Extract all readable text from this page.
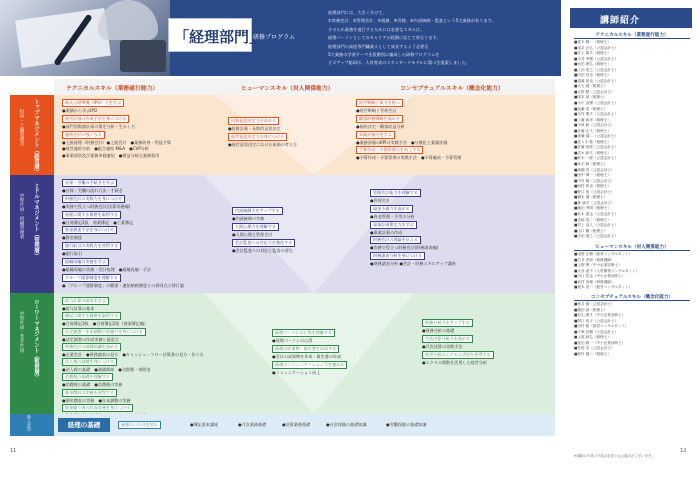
経理部門には、大きく分けて、
①財務会計、②管理会計、③税務、④労務、⑤内部統制・監査という5大業務があります。
そのため業務を遂行するためには必要なスキルは、
経理パーソンとしてのキャリアの段階に応じて異なります。
経理部門の高度専門職業人として成長するよう必要な
5大業務の学習テーマを段階別に編成した研修プログラムを
ビズアップ総研は、人材育成のスタンダードモデルに築づき提案しました。
「経理部門」
研修プログラム
テクニカルスキル（業務遂行能力）	ヒューマンスキル（対人関係能力）	コンセプチュアルスキル（概念化能力）
トップマネジメント（経営層）
役員・上級管理者
ミドルマネジメント（管理層）
中堅社員・初級管理者
ローワーマネジメント（監督層）
中堅社員・若手社員
株式公開準備（IPO）力を学ぶ
●業績から学ぶIPO
経営計画の作成手法を身につける
●部門別数値計画の策定分析・生かし方
連結会計に強くなる
●上級経理（財務会計）●上級会計　●業務改善・利益予算
●経営連結分析　●組合連結 M&A　●CVP分析
●事業部別及び業務単価連結　●損益分岐点業務効用
投資意思決定力を高める
●投資計画・長期的意思決定
経営意思決定力を身につける
●経営意思決定における原価の考え方
経営戦略立案力を持つ
●経営戦略と管理会計
顧客財務戦略を高める
●価格決定・顧客収益分析
事業評価力を学ぶ
●業務評価のKPIの実践手法　●分散化と業績評価
予算作成・予算管理力を向上する
●予算作成・予算管理の実践手法　●予算編成・予算管理
社保・労働の手続きを学ぶ
●社保・労働の流れ方法・手続き
財務会計の実践力を身につける
●実務で役立つ財務会計(決算実務編)
経理に関する資格を取得する
●日商簿記2級　商業簿記　●工業簿記
資金調達手法を身につける
●資金調達
銀行取引の実践力を習得する
●銀行取引
組織再編の実務を学ぶ
●組織再編の実務・会計処理　●組織再編・手法
グループ通算制度を理解する
●「グループ通算制度」の概要・連結納税制度との異同点と移行論
内部統制力をアップする
●内部統制の実務
人間心理力を理解する
●人間心理と管理会計
会計監査への対応力を強化する
●会計監査への対応と監査の要点
管理会計能力を理解する
●管理会計
現金予測力を高める
●資金管理・予実の分析
事業計画策定力を学ぶ
●事業計画の作成
財務会計の理論を伝える
●実務で役立つ財務会計(財務諸表編)
財務諸表分析を身につける
●財務諸表分析 ●会計・財務スキルアップ講座
給与計算の基本を学ぶ
●給与計算の基本
簿記に関する資格を取得する
●日商簿記3級　●日商簿記2級（商業簿記編）
法定調書・年末調整の実務力を身につける
●法定調書の作成実務と留意点
財務会計の基礎知識を深める
●企業会計　●財務諸表の見方　●キャッシュ・フロー計算書の見方・作り方
法人税の基礎を身につける
●法人税の基礎　●減価償却　●交際費・寄附金
消費税の基礎を理解する
●消費税の基礎　●消費税の実務
源泉徴収の実務を習得する
●源泉徴収の実務　●年末調整の実務
資金繰り表の作成実務を身につける
経理パーソンの心得を理解する
●経理パーソンの心得
経理の成果物・報告書を作成する
●会社の成果物を作成・報告書の作成
経理のコミュニケーション力を強める
●コミュニケーション向上
財務分析力をアップする
●財務分析の基礎
月次決算分析力を高める
●月次決算の実践手法
経営分析のエクセル活用を習得する
●エクセル関数を活用した経営分析
新入社員	経理の基礎	経理のいろはを知る	●簿記基本講座	●月次業務基礎	●決算業務基礎	●社会保険の基礎知識	●労働保険の基礎知識
11	12
講師紹介
テクニカルスキル（業務遂行能力）
■青木 賢一（税理士）
■浅井 正弘（公認会計士）
■井上 隆夫（税理士）
■今井 秀樹（公認会計士）
■岩田 康弘（税理士）
■上田 浩之（公認会計士）
■内田 昌也（税理士）
■遠藤 拓也（公認会計士）
■大石 健（税理士）
■大野 勝（公認会計士）
■岡本 誠（税理士）
■小川 直樹（公認会計士）
■加藤 浩（税理士）
■木村 俊夫（公認会計士）
■工藤 和彦（税理士）
■小林 聡（公認会計士）
■近藤 正人（税理士）
■斎藤 健二（公認会計士）
■佐々木 勉（税理士）
■佐藤 拓郎（公認会計士）
■清水 和夫（税理士）
■鈴木 一郎（公認会計士）
■高木 修（税理士）
■高橋 亮（公認会計士）
■田中 伸一（税理士）
■中村 隆（公認会計士）
■西村 和也（税理士）
■野口 悟（公認会計士）
■橋本 健（税理士）
■林 誠司（公認会計士）
■藤田 秀明（税理士）
■松本 達也（公認会計士）
■宮崎 浩二（税理士）
■村上 直人（公認会計士）
■山口 剛（税理士）
■吉田 康之（公認会計士）
ヒューマンスキル（対人関係能力）
■浅野 正樹（経営コンサルタント）
■石井 美和（研修講師）
■上野 博（中小企業診断士）
■大谷 恵子（人材開発コンサルタント）
■川口 智也（中小企業診断士）
■北村 真理（研修講師）
■坂本 浩一（経営コンサルタント）
コンセプチュアルスキル（概念化能力）
■桜井 健（公認会計士）
■篠田 誠（税理士）
■杉山 康夫（中小企業診断士）
■関口 裕子（公認会計士）
■田村 聡（経営コンサルタント）
■千葉 直樹（公認会計士）
■土屋 和弘（税理士）
■富田 修一（中小企業診断士）
■長尾 亮（公認会計士）
■野村 健二（税理士）
※講師の写真と内容は変更となる場合がございます。
